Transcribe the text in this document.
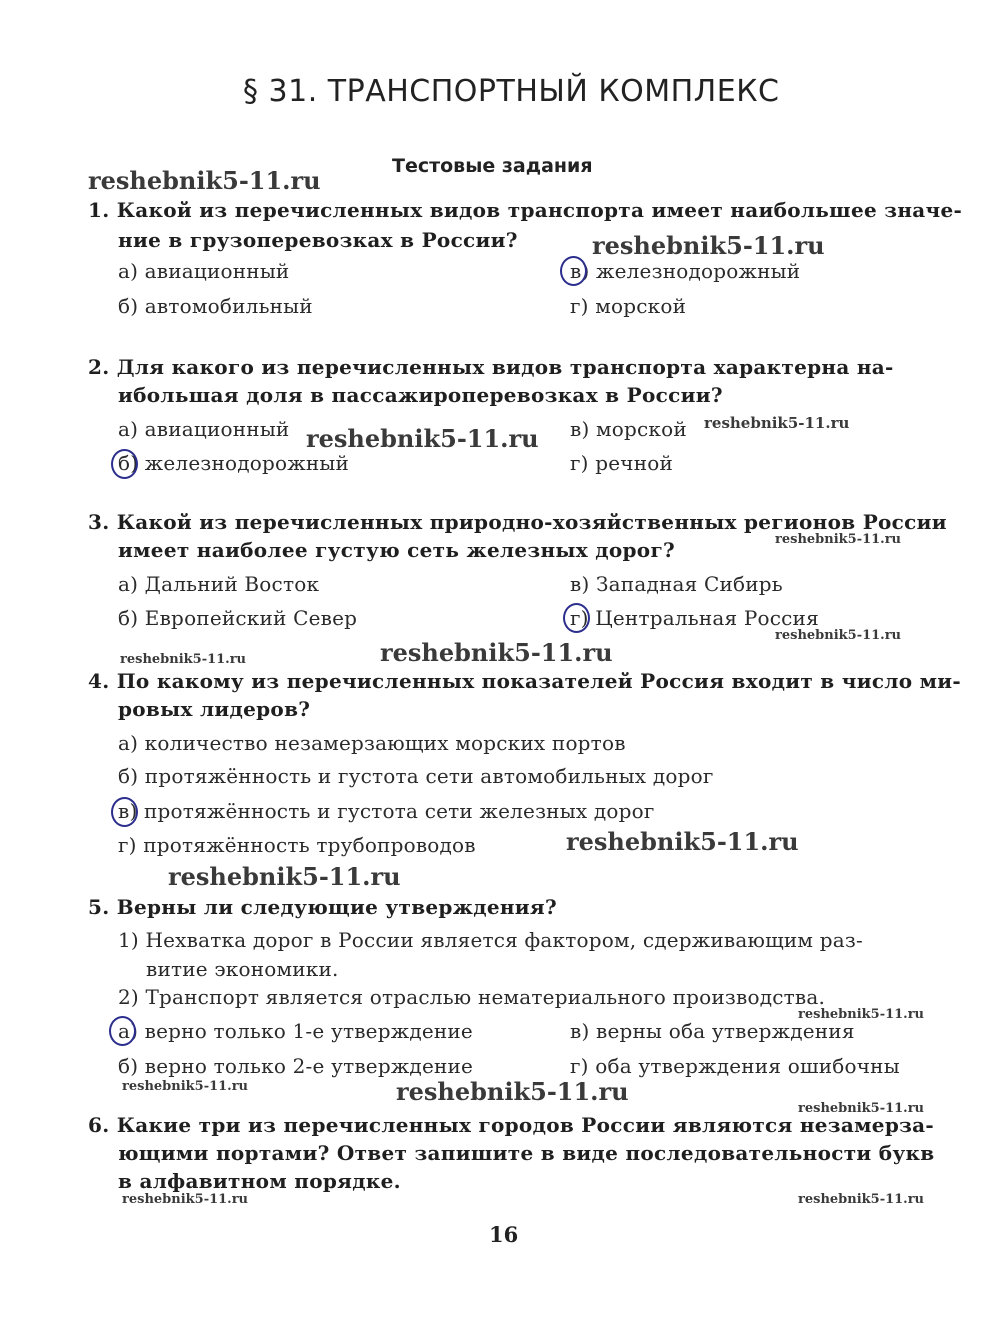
§ 31. ТРАНСПОРТНЫЙ КОМПЛЕКС
Тестовые задания
1. Какой из перечисленных видов транспорта имеет наибольшее значе-
ние в грузоперевозках в России?
а) авиационный
б) автомобильный
в) железнодорожный
г) морской
2. Для какого из перечисленных видов транспорта характерна на-
ибольшая доля в пассажироперевозках в России?
а) авиационный
б) железнодорожный
в) морской
г) речной
3. Какой из перечисленных природно-хозяйственных регионов России
имеет наиболее густую сеть железных дорог?
а) Дальний Восток
б) Европейский Север
в) Западная Сибирь
г) Центральная Россия
4. По какому из перечисленных показателей Россия входит в число ми-
ровых лидеров?
а) количество незамерзающих морских портов
б) протяжённость и густота сети автомобильных дорог
в) протяжённость и густота сети железных дорог
г) протяжённость трубопроводов
5. Верны ли следующие утверждения?
1) Нехватка дорог в России является фактором, сдерживающим раз-
витие экономики.
2) Транспорт является отраслью нематериального производства.
а) верно только 1-е утверждение
б) верно только 2-е утверждение
в) верны оба утверждения
г) оба утверждения ошибочны
6. Какие три из перечисленных городов России являются незамерза-
ющими портами? Ответ запишите в виде последовательности букв
в алфавитном порядке.
16
reshebnik5-11.ru
reshebnik5-11.ru
reshebnik5-11.ru
reshebnik5-11.ru
reshebnik5-11.ru
reshebnik5-11.ru
reshebnik5-11.ru
reshebnik5-11.ru
reshebnik5-11.ru
reshebnik5-11.ru
reshebnik5-11.ru
reshebnik5-11.ru
reshebnik5-11.ru
reshebnik5-11.ru
reshebnik5-11.ru	reshebnik5-11.ru
